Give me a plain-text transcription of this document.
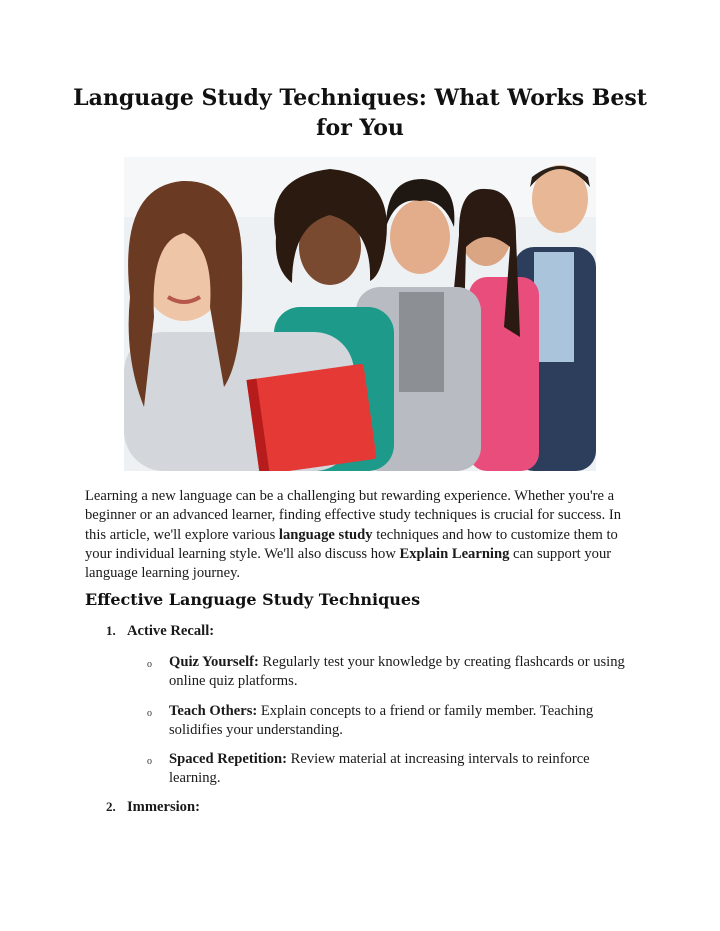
Language Study Techniques: What Works Best for You

Learning a new language can be a challenging but rewarding experience. Whether you're a beginner or an advanced learner, finding effective study techniques is crucial for success. In this article, we'll explore various language study techniques and how to customize them to your individual learning style. We'll also discuss how Explain Learning can support your language learning journey.

Effective Language Study Techniques
1. Active Recall:
o Quiz Yourself: Regularly test your knowledge by creating flashcards or using online quiz platforms.
o Teach Others: Explain concepts to a friend or family member. Teaching solidifies your understanding.
o Spaced Repetition: Review material at increasing intervals to reinforce learning.
2. Immersion:
